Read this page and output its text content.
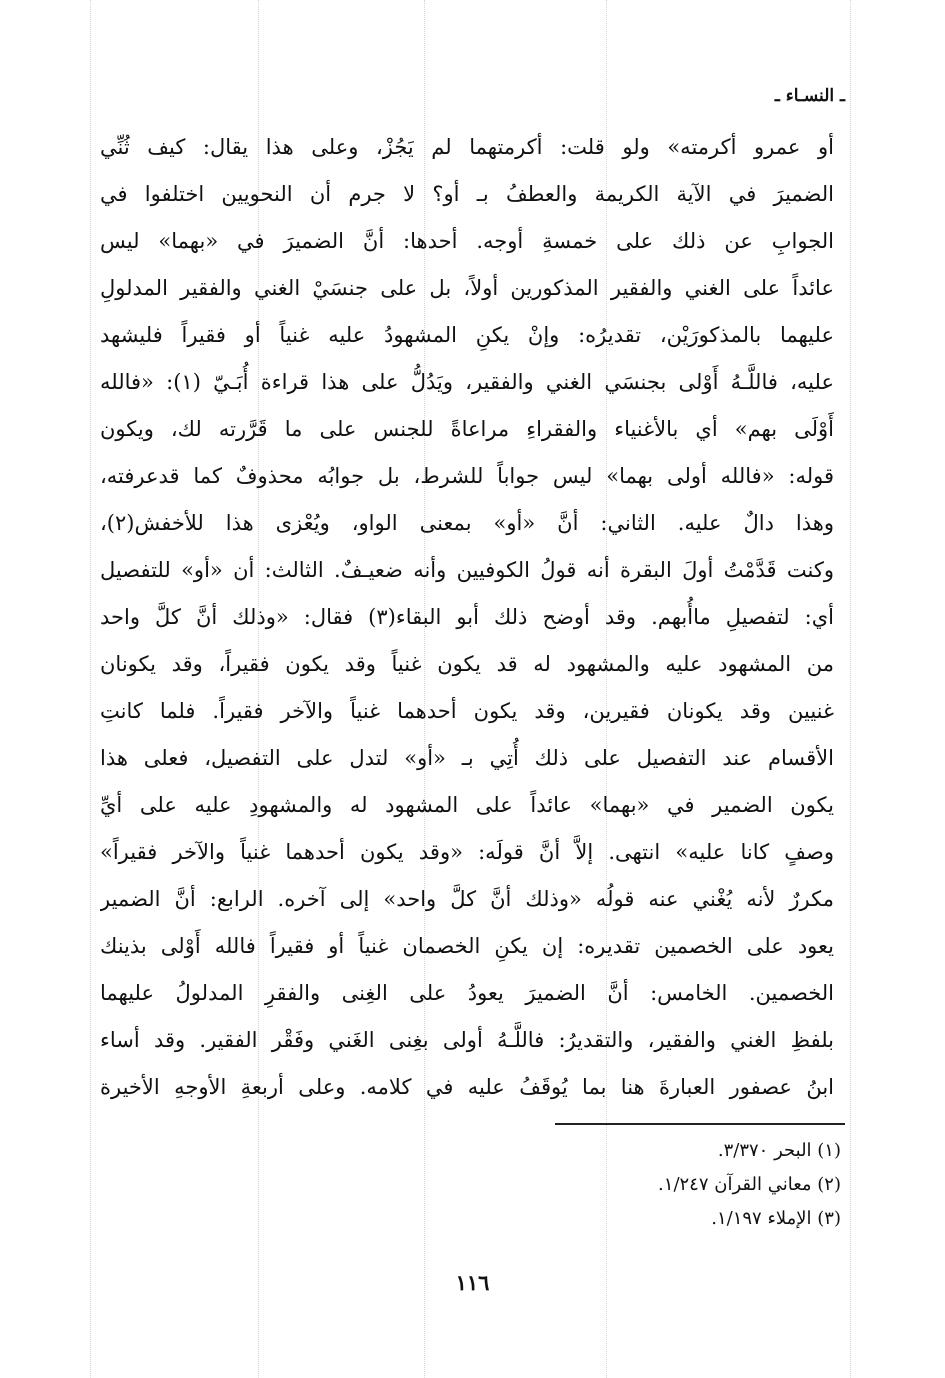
ـ النسـاء ـ
أو عمرو أكرمته» ولو قلت: أكرمتهما لم يَجُزْ، وعلى هذا يقال: كيف ثُنِّي
الضميرَ في الآية الكريمة والعطفُ بـ أو؟ لا جرم أن النحويين اختلفوا في
الجوابِ عن ذلك على خمسةِ أوجه. أحدها: أنَّ الضميرَ في «بهما» ليس
عائداً على الغني والفقير المذكورين أولاً، بل على جنسَيْ الغني والفقير المدلولِ
عليهما بالمذكورَيْن، تقديرُه: وإنْ يكنِ المشهودُ عليه غنياً أو فقيراً فليشهد
عليه، فاللَّـهُ أَوْلى بجنسَي الغني والفقير، ويَدُلُّ على هذا قراءة أُبَـيّ (١): «فالله
أَوْلَى بهم» أي بالأغنياء والفقراءِ مراعاةً للجنس على ما قَرَّرته لك، ويكون
قوله: «فالله أولى بهما» ليس جواباً للشرط، بل جوابُه محذوفٌ كما قدعرفته،
وهذا دالٌ عليه. الثاني: أنَّ «أو» بمعنى الواو، ويُعْزى هذا للأخفش(٢)،
وكنت قَدَّمْتُ أولَ البقرة أنه قولُ الكوفيين وأنه ضعيـفٌ. الثالث: أن «أو» للتفصيل
أي: لتفصيلِ ماأُبهم. وقد أوضح ذلك أبو البقاء(٣) فقال: «وذلك أنَّ كلَّ واحد
من المشهود عليه والمشهود له قد يكون غنياً وقد يكون فقيراً، وقد يكونان
غنيين وقد يكونان فقيرين، وقد يكون أحدهما غنياً والآخر فقيراً. فلما كانتِ
الأقسام عند التفصيل على ذلك أُتِي بـ «أو» لتدل على التفصيل، فعلى هذا
يكون الضمير في «بهما» عائداً على المشهود له والمشهودِ عليه على أيِّ
وصفٍ كانا عليه» انتهى. إلاَّ أنَّ قولَه: «وقد يكون أحدهما غنياً والآخر فقيراً»
مكررٌ لأنه يُغْني عنه قولُه «وذلك أنَّ كلَّ واحد» إلى آخره. الرابع: أنَّ الضمير
يعود على الخصمين تقديره: إن يكنِ الخصمان غنياً أو فقيراً فالله أَوْلى بذينك
الخصمين. الخامس: أنَّ الضميرَ يعودُ على الغِنى والفقرِ المدلولُ عليهما
بلفظِ الغني والفقير، والتقديرُ: فاللَّـهُ أولى بغِنى الغَني وفَقْر الفقير. وقد أساء
ابنُ عصفور العبارةَ هنا بما يُوقَفُ عليه في كلامه. وعلى أربعةِ الأوجهِ الأخيرة
(١) البحر ٣/٣٧٠.
(٢) معاني القرآن ١/٢٤٧.
(٣) الإملاء ١/١٩٧.
١١٦
